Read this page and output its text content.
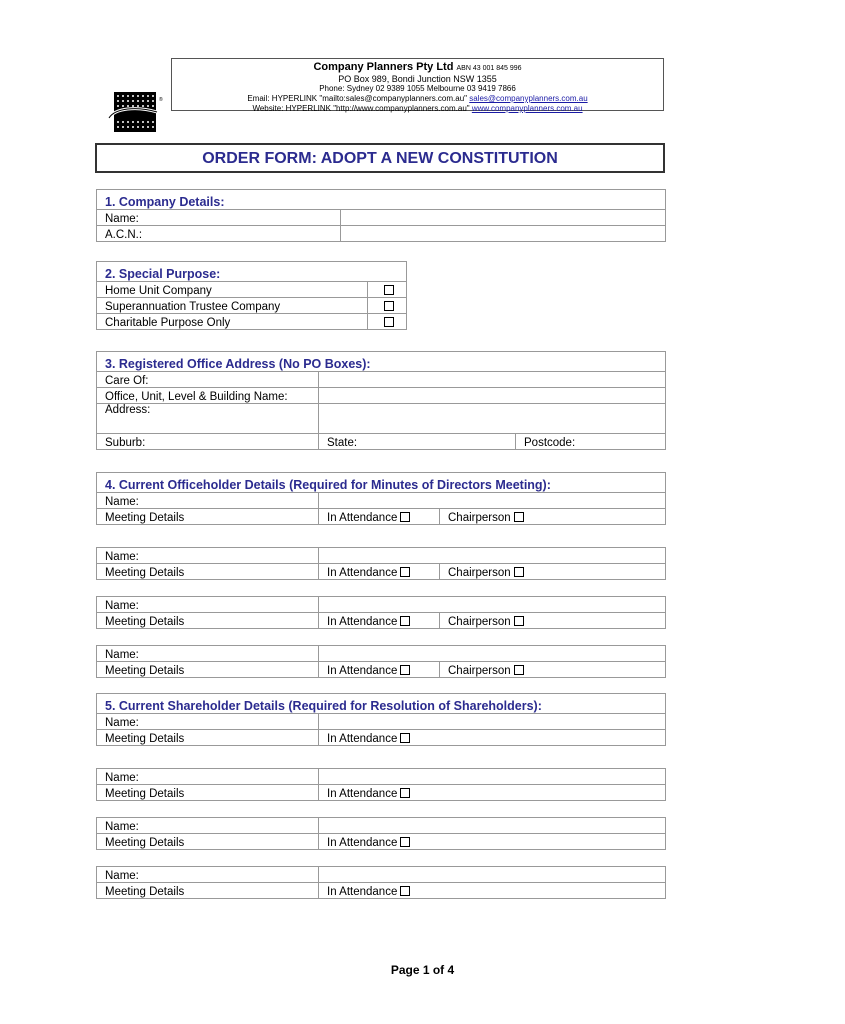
Company Planners Pty Ltd ABN 43 001 845 996
PO Box 989, Bondi Junction NSW 1355
Phone: Sydney 02 9389 1055 Melbourne 03 9419 7866
Email: HYPERLINK "mailto:sales@companyplanners.com.au" sales@companyplanners.com.au
Website: HYPERLINK "http://www.companyplanners.com.au" www.companyplanners.com.au
®
ORDER FORM: ADOPT A NEW CONSTITUTION
1. Company Details:	
Name:	
A.C.N.:	
2. Special Purpose:	
Home Unit Company	
Superannuation Trustee Company	
Charitable Purpose Only	
3. Registered Office Address (No PO Boxes):		
Care Of:		
Office, Unit, Level & Building Name:		
Address:		
Suburb:	State:	Postcode:
4. Current Officeholder Details (Required for Minutes of Directors Meeting):		
Name:		
Meeting Details	In Attendance	Chairperson
Name:		
Meeting Details	In Attendance	Chairperson
Name:		
Meeting Details	In Attendance	Chairperson
Name:		
Meeting Details	In Attendance	Chairperson
5. Current Shareholder Details (Required for Resolution of Shareholders):	
Name:	
Meeting Details	In Attendance
Name:	
Meeting Details	In Attendance
Name:	
Meeting Details	In Attendance
Name:	
Meeting Details	In Attendance
Page 1 of 4
